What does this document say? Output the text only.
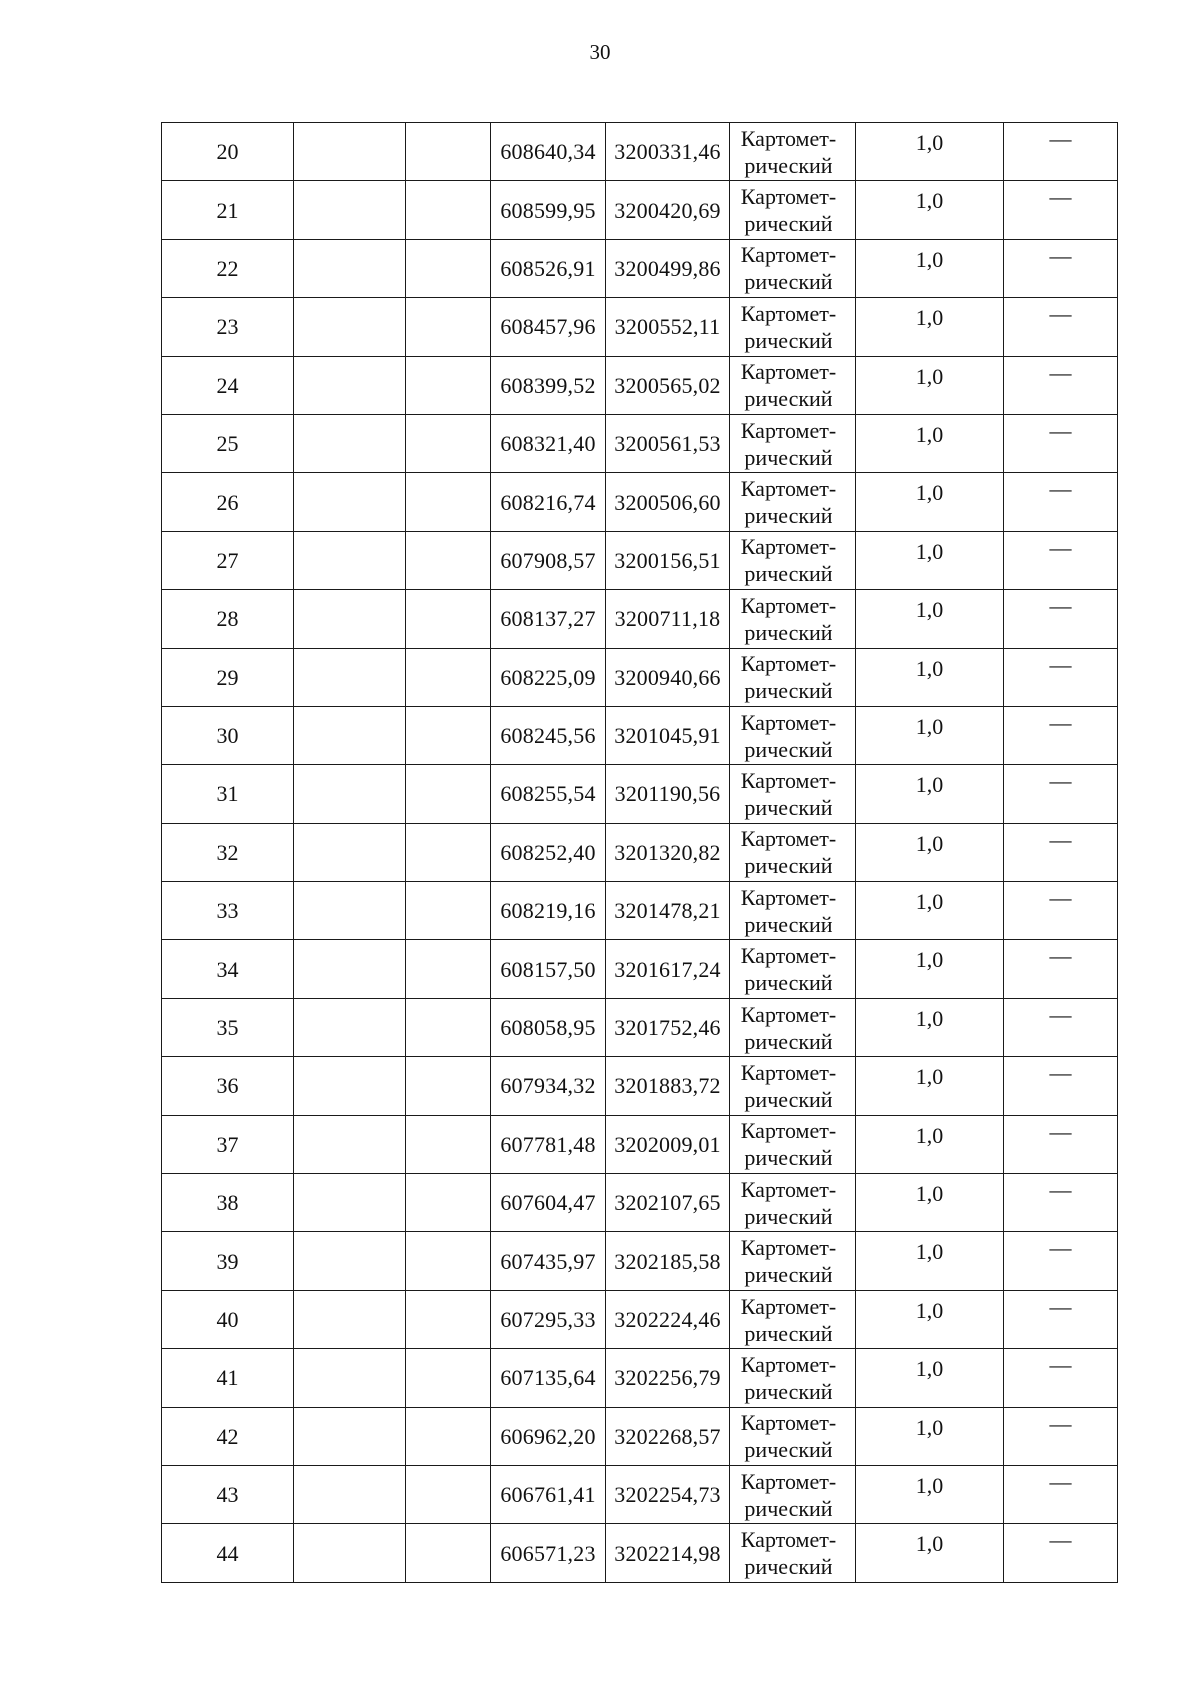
30
20			608640,34	3200331,46	Картомет-
рический	1,0	—
21			608599,95	3200420,69	Картомет-
рический	1,0	—
22			608526,91	3200499,86	Картомет-
рический	1,0	—
23			608457,96	3200552,11	Картомет-
рический	1,0	—
24			608399,52	3200565,02	Картомет-
рический	1,0	—
25			608321,40	3200561,53	Картомет-
рический	1,0	—
26			608216,74	3200506,60	Картомет-
рический	1,0	—
27			607908,57	3200156,51	Картомет-
рический	1,0	—
28			608137,27	3200711,18	Картомет-
рический	1,0	—
29			608225,09	3200940,66	Картомет-
рический	1,0	—
30			608245,56	3201045,91	Картомет-
рический	1,0	—
31			608255,54	3201190,56	Картомет-
рический	1,0	—
32			608252,40	3201320,82	Картомет-
рический	1,0	—
33			608219,16	3201478,21	Картомет-
рический	1,0	—
34			608157,50	3201617,24	Картомет-
рический	1,0	—
35			608058,95	3201752,46	Картомет-
рический	1,0	—
36			607934,32	3201883,72	Картомет-
рический	1,0	—
37			607781,48	3202009,01	Картомет-
рический	1,0	—
38			607604,47	3202107,65	Картомет-
рический	1,0	—
39			607435,97	3202185,58	Картомет-
рический	1,0	—
40			607295,33	3202224,46	Картомет-
рический	1,0	—
41			607135,64	3202256,79	Картомет-
рический	1,0	—
42			606962,20	3202268,57	Картомет-
рический	1,0	—
43			606761,41	3202254,73	Картомет-
рический	1,0	—
44			606571,23	3202214,98	Картомет-
рический	1,0	—
